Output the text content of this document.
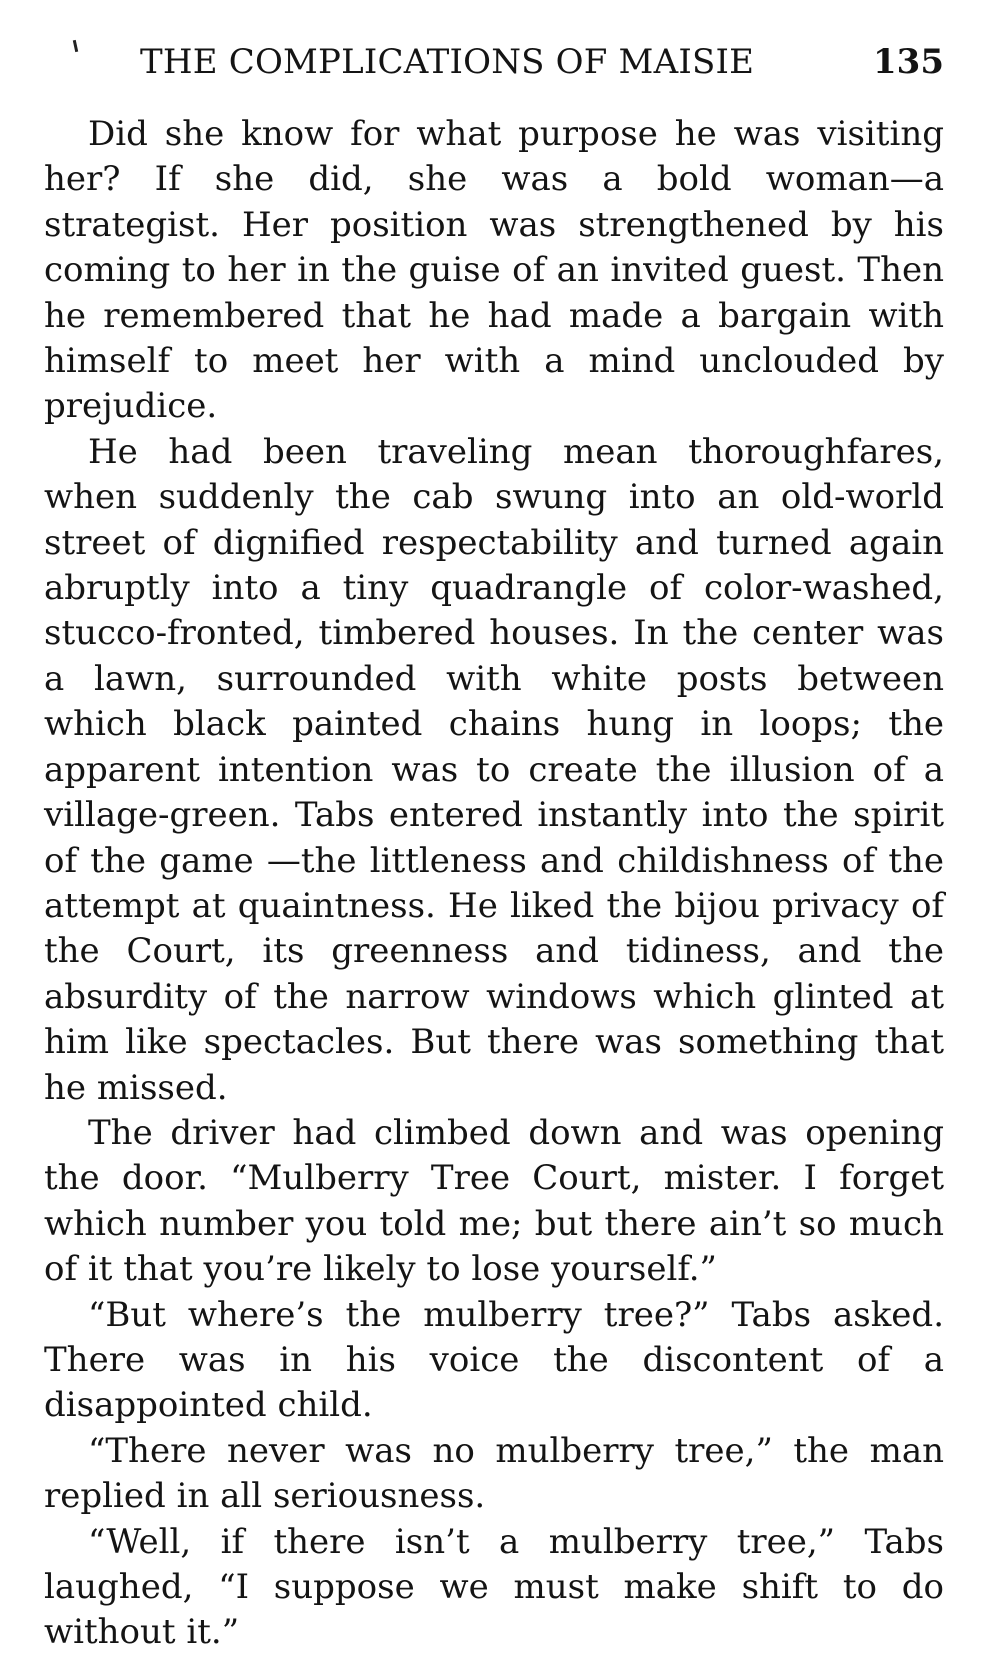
THE COMPLICATIONS OF MAISIE	135

Did she know for what purpose he was visiting her? If she did, she was a bold woman—a strategist. Her position was strengthened by his coming to her in the guise of an invited guest. Then he remembered that he had made a bargain with himself to meet her with a mind unclouded by prejudice.

He had been traveling mean thoroughfares, when suddenly the cab swung into an old-world street of dignified respectability and turned again abruptly into a tiny quadrangle of color-washed, stucco-fronted, timbered houses. In the center was a lawn, surrounded with white posts between which black painted chains hung in loops; the apparent intention was to create the illusion of a village-green. Tabs entered instantly into the spirit of the game —the littleness and childishness of the attempt at quaintness. He liked the bijou privacy of the Court, its greenness and tidiness, and the absurdity of the narrow windows which glinted at him like spectacles. But there was something that he missed.

The driver had climbed down and was opening the door. “Mulberry Tree Court, mister. I forget which number you told me; but there ain’t so much of it that you’re likely to lose yourself.”

“But where’s the mulberry tree?” Tabs asked. There was in his voice the discontent of a disappointed child.

“There never was no mulberry tree,” the man replied in all seriousness.

“Well, if there isn’t a mulberry tree,” Tabs laughed, “I suppose we must make shift to do without it.”
